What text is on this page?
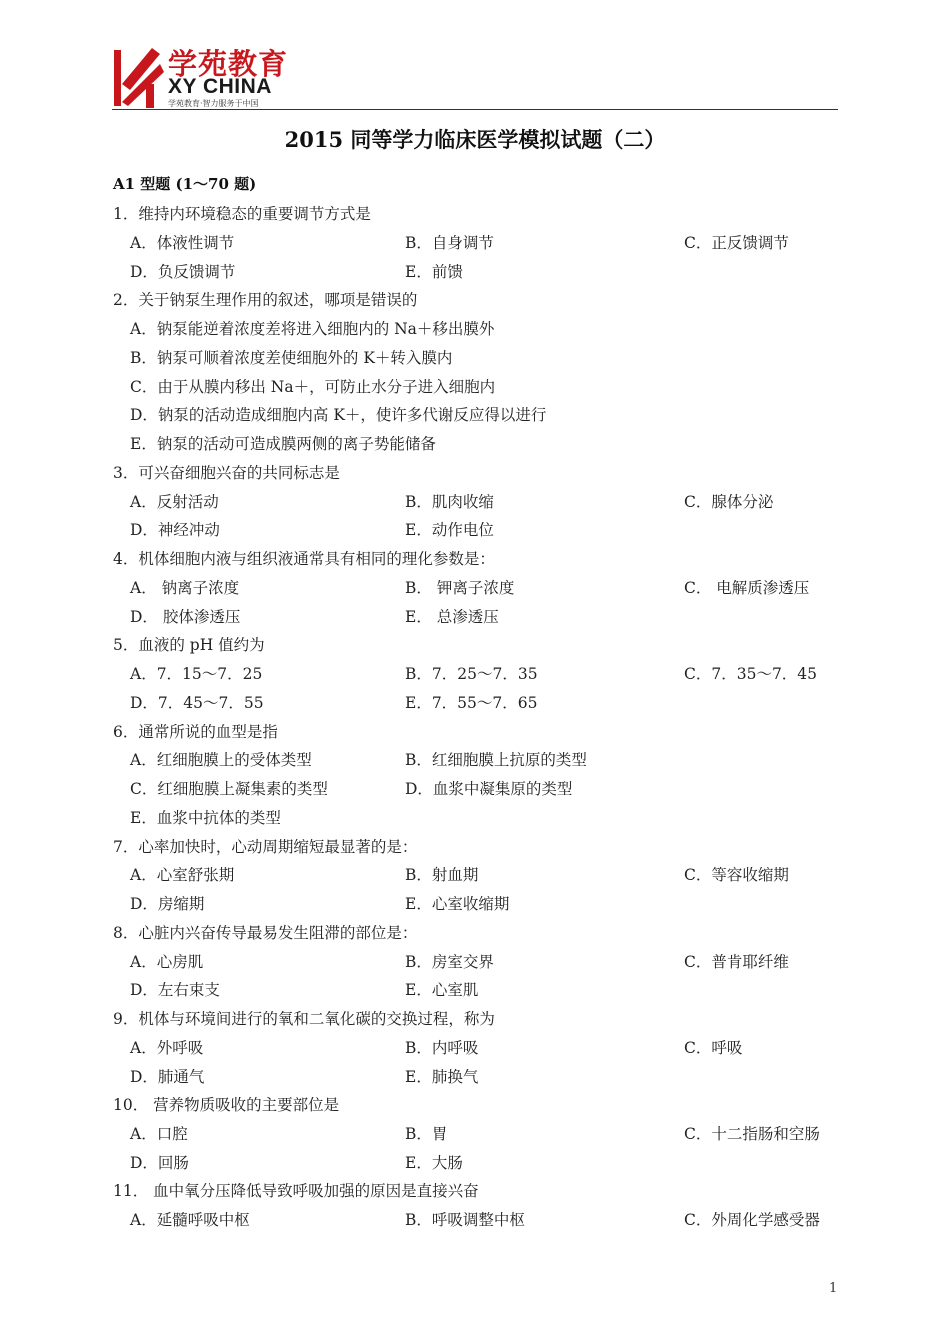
学苑教育
XY CHINA
学苑教育·智力服务于中国
2015 同等学力临床医学模拟试题（二）
A1 型题 (1～70 题)
1．维持内环境稳态的重要调节方式是
A．体液性调节	B．自身调节	C．正反馈调节
D．负反馈调节	E．前馈
2．关于钠泵生理作用的叙述，哪项是错误的
A．钠泵能逆着浓度差将进入细胞内的 Na＋移出膜外
B．钠泵可顺着浓度差使细胞外的 K＋转入膜内
C．由于从膜内移出 Na＋，可防止水分子进入细胞内
D．钠泵的活动造成细胞内高 K＋，使许多代谢反应得以进行
E．钠泵的活动可造成膜两侧的离子势能储备
3．可兴奋细胞兴奋的共同标志是
A．反射活动	B．肌肉收缩	C．腺体分泌
D．神经冲动	E．动作电位
4．机体细胞内液与组织液通常具有相同的理化参数是：
A． 钠离子浓度	B． 钾离子浓度	C． 电解质渗透压
D． 胶体渗透压	E． 总渗透压
5．血液的 pH 值约为
A．7．15～7．25	B．7．25～7．35	C．7．35～7．45
D．7．45～7．55	E．7．55～7．65
6．通常所说的血型是指
A．红细胞膜上的受体类型	B．红细胞膜上抗原的类型
C．红细胞膜上凝集素的类型	D．血浆中凝集原的类型
E．血浆中抗体的类型
7．心率加快时，心动周期缩短最显著的是：
A．心室舒张期	B．射血期	C．等容收缩期
D．房缩期	E．心室收缩期
8．心脏内兴奋传导最易发生阻滞的部位是：
A．心房肌	B．房室交界	C．普肯耶纤维
D．左右束支	E．心室肌
9．机体与环境间进行的氧和二氧化碳的交换过程，称为
A．外呼吸	B．内呼吸	C．呼吸
D．肺通气	E．肺换气
10． 营养物质吸收的主要部位是
A．口腔	B．胃	C．十二指肠和空肠
D．回肠	E．大肠
11． 血中氧分压降低导致呼吸加强的原因是直接兴奋
A．延髓呼吸中枢	B．呼吸调整中枢	C．外周化学感受器
1
